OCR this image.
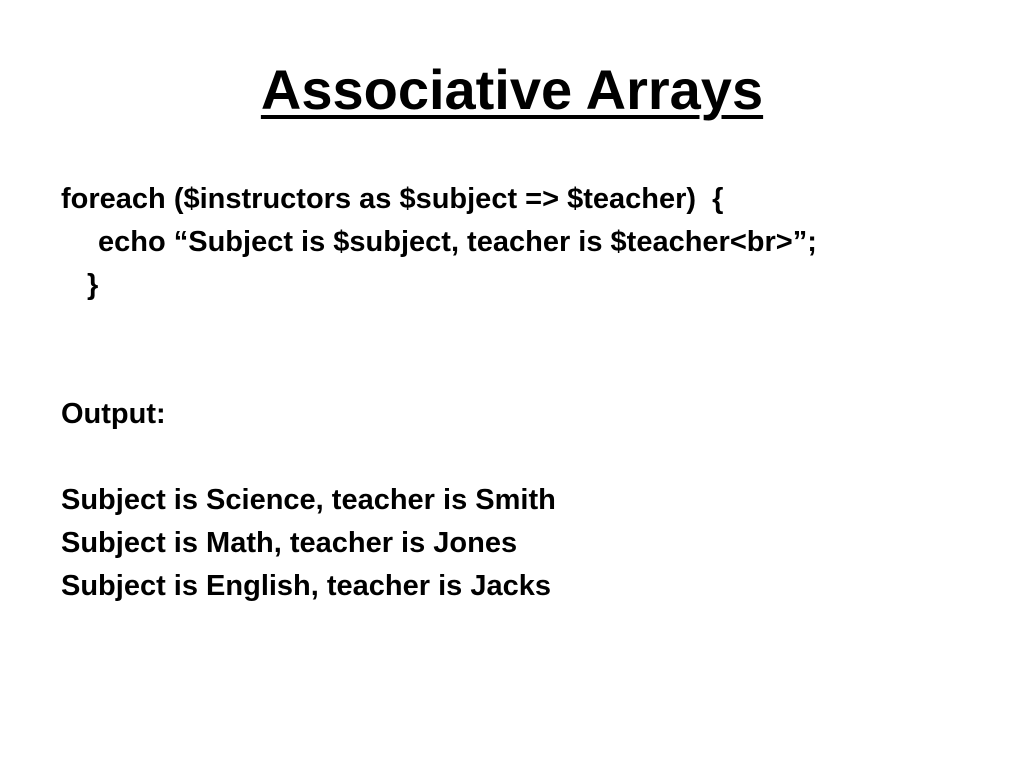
Associative Arrays
foreach ($instructors as $subject => $teacher)  {
echo “Subject is $subject, teacher is $teacher<br>”;
}
Output:
Subject is Science, teacher is Smith
Subject is Math, teacher is Jones
Subject is English, teacher is Jacks
